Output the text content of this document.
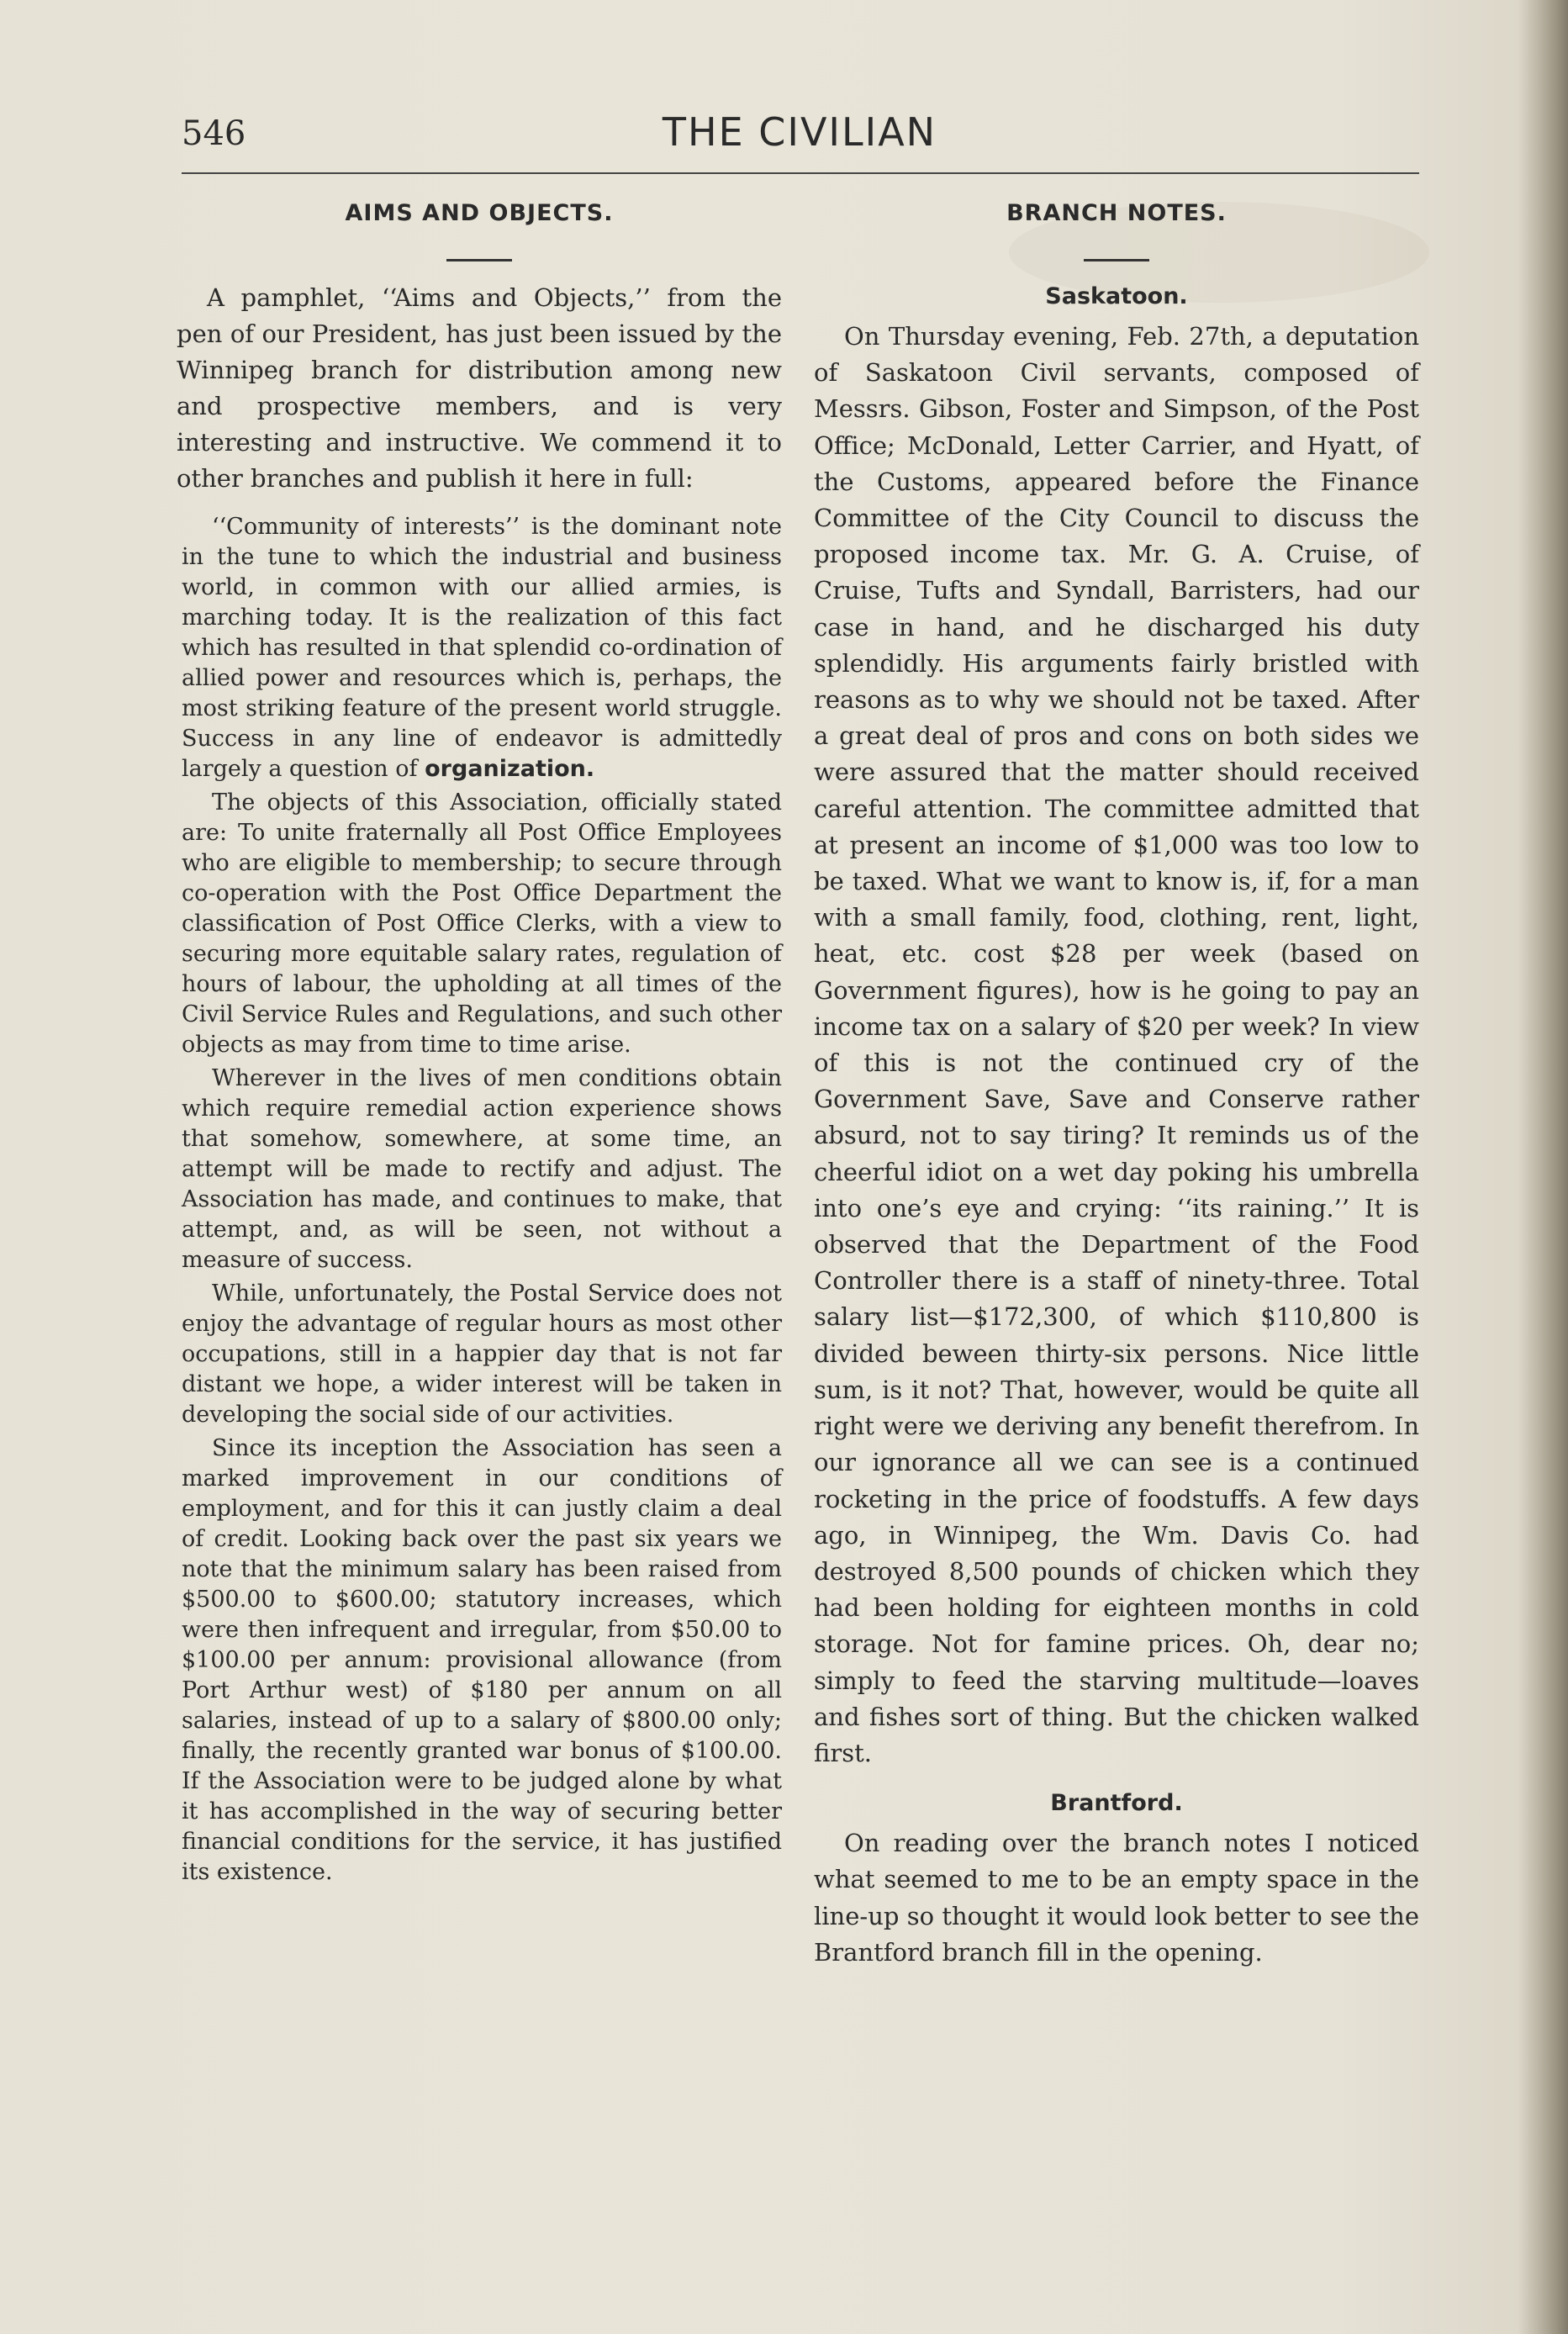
546	THE CIVILIAN
AIMS AND OBJECTS.

A pamphlet, ‘‘Aims and Objects,’’ from the pen of our President, has just been issued by the Winnipeg branch for distribution among new and prospective members, and is very interesting and instructive. We commend it to other branches and publish it here in full:

‘‘Community of interests’’ is the dominant note in the tune to which the industrial and business world, in common with our allied armies, is marching today. It is the realization of this fact which has resulted in that splendid co-ordination of allied power and resources which is, perhaps, the most striking feature of the present world struggle. Success in any line of endeavor is admittedly largely a question of organization.

The objects of this Association, officially stated are: To unite fraternally all Post Office Employees who are eligible to membership; to secure through co-operation with the Post Office Department the classification of Post Office Clerks, with a view to securing more equitable salary rates, regulation of hours of labour, the upholding at all times of the Civil Service Rules and Regulations, and such other objects as may from time to time arise.

Wherever in the lives of men conditions obtain which require remedial action experience shows that somehow, somewhere, at some time, an attempt will be made to rectify and adjust. The Association has made, and continues to make, that attempt, and, as will be seen, not without a measure of success.

While, unfortunately, the Postal Service does not enjoy the advantage of regular hours as most other occupations, still in a happier day that is not far distant we hope, a wider interest will be taken in developing the social side of our activities.

Since its inception the Association has seen a marked improvement in our conditions of employment, and for this it can justly claim a deal of credit. Looking back over the past six years we note that the minimum salary has been raised from $500.00 to $600.00; statutory increases, which were then infrequent and irregular, from $50.00 to $100.00 per annum: provisional allowance (from Port Arthur west) of $180 per annum on all salaries, instead of up to a salary of $800.00 only; finally, the recently granted war bonus of $100.00. If the Association were to be judged alone by what it has accomplished in the way of securing better financial conditions for the service, it has justified its existence.

BRANCH NOTES.
Saskatoon.

On Thursday evening, Feb. 27th, a deputation of Saskatoon Civil servants, composed of Messrs. Gibson, Foster and Simpson, of the Post Office; McDonald, Letter Carrier, and Hyatt, of the Customs, appeared before the Finance Committee of the City Council to discuss the proposed income tax. Mr. G. A. Cruise, of Cruise, Tufts and Syndall, Barristers, had our case in hand, and he discharged his duty splendidly. His arguments fairly bristled with reasons as to why we should not be taxed. After a great deal of pros and cons on both sides we were assured that the matter should received careful attention. The committee admitted that at present an income of $1,000 was too low to be taxed. What we want to know is, if, for a man with a small family, food, clothing, rent, light, heat, etc. cost $28 per week (based on Government figures), how is he going to pay an income tax on a salary of $20 per week? In view of this is not the continued cry of the Government Save, Save and Conserve rather absurd, not to say tiring? It reminds us of the cheerful idiot on a wet day poking his umbrella into one’s eye and crying: ‘‘its raining.’’ It is observed that the Department of the Food Controller there is a staff of ninety-three. Total salary list—$172,300, of which $110,800 is divided beween thirty-six persons. Nice little sum, is it not? That, however, would be quite all right were we deriving any benefit therefrom. In our ignorance all we can see is a continued rocketing in the price of foodstuffs. A few days ago, in Winnipeg, the Wm. Davis Co. had destroyed 8,500 pounds of chicken which they had been holding for eighteen months in cold storage. Not for famine prices. Oh, dear no; simply to feed the starving multitude—loaves and fishes sort of thing. But the chicken walked first.

Brantford.

On reading over the branch notes I noticed what seemed to me to be an empty space in the line-up so thought it would look better to see the Brantford branch fill in the opening.
